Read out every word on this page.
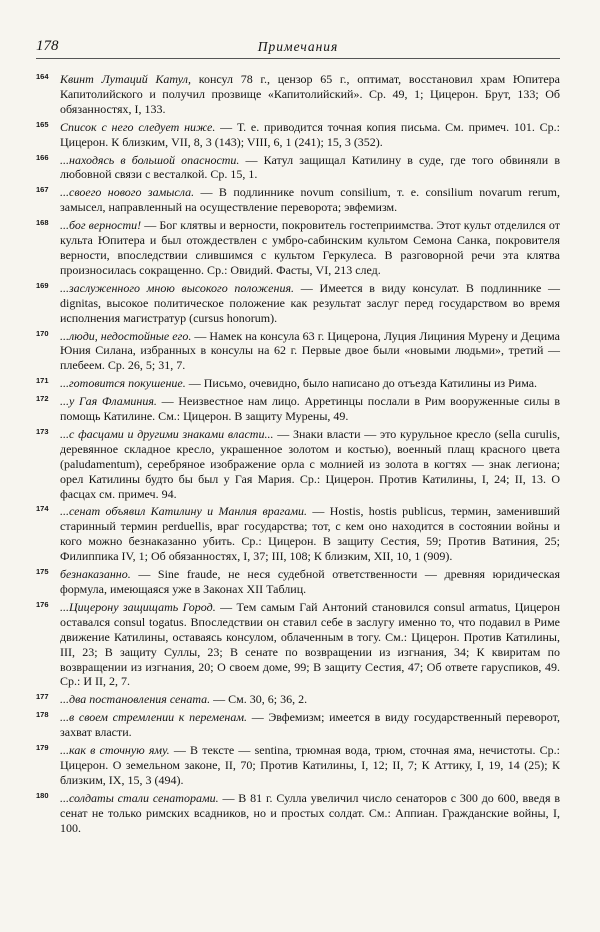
178	Примечания
164 Квинт Лутаций Катул, консул 78 г., цензор 65 г., оптимат, восстановил храм Юпитера Капитолийского и получил прозвище «Капитолийский». Ср. 49, 1; Цицерон. Брут, 133; Об обязанностях, I, 133.
165 Список с него следует ниже. — Т. е. приводится точная копия письма. См. примеч. 101. Ср.: Цицерон. К близким, VII, 8, 3 (143); VIII, 6, 1 (241); 15, 3 (352).
166 ...находясь в большой опасности. — Катул защищал Катилину в суде, где того обвиняли в любовной связи с весталкой. Ср. 15, 1.
167 ...своего нового замысла. — В подлиннике novum consilium, т. е. consilium novarum rerum, замысел, направленный на осуществление переворота; эвфемизм.
168 ...бог верности! — Бог клятвы и верности, покровитель гостеприимства. Этот культ отделился от культа Юпитера и был отождествлен с умбро-сабинским культом Семона Санка, покровителя верности, впоследствии слившимся с культом Геркулеса. В разговорной речи эта клятва произносилась сокращенно. Ср.: Овидий. Фасты, VI, 213 след.
169 ...заслуженного мною высокого положения. — Имеется в виду консулат. В подлиннике — dignitas, высокое политическое положение как результат заслуг перед государством во время исполнения магистратур (cursus honorum).
170 ...люди, недостойные его. — Намек на консула 63 г. Цицерона, Луция Лициния Мурену и Децима Юния Силана, избранных в консулы на 62 г. Первые двое были «новыми людьми», третий — плебеем. Ср. 26, 5; 31, 7.
171 ...готовится покушение. — Письмо, очевидно, было написано до отъезда Катилины из Рима.
172 ...у Гая Фламиния. — Неизвестное нам лицо. Арретинцы послали в Рим вооруженные силы в помощь Катилине. См.: Цицерон. В защиту Мурены, 49.
173 ...с фасцами и другими знаками власти... — Знаки власти — это курульное кресло (sella curulis, деревянное складное кресло, украшенное золотом и костью), военный плащ красного цвета (paludamentum), серебряное изображение орла с молнией из золота в когтях — знак легиона; орел Катилины будто бы был у Гая Мария. Ср.: Цицерон. Против Катилины, I, 24; II, 13. О фасцах см. примеч. 94.
174 ...сенат объявил Катилину и Манлия врагами. — Hostis, hostis publicus, термин, заменивший старинный термин perduellis, враг государства; тот, с кем оно находится в состоянии войны и кого можно безнаказанно убить. Ср.: Цицерон. В защиту Сестия, 59; Против Ватиния, 25; Филиппика IV, 1; Об обязанностях, I, 37; III, 108; К близким, XII, 10, 1 (909).
175 безнаказанно. — Sine fraude, не неся судебной ответственности — древняя юридическая формула, имеющаяся уже в Законах XII Таблиц.
176 ...Цицерону защищать Город. — Тем самым Гай Антоний становился consul armatus, Цицерон оставался consul togatus. Впоследствии он ставил себе в заслугу именно то, что подавил в Риме движение Катилины, оставаясь консулом, облаченным в тогу. См.: Цицерон. Против Катилины, III, 23; В защиту Суллы, 23; В сенате по возвращении из изгнания, 34; К квиритам по возвращении из изгнания, 20; О своем доме, 99; В защиту Сестия, 47; Об ответе гаруспиков, 49. Ср.: И II, 2, 7.
177 ...два постановления сената. — См. 30, 6; 36, 2.
178 ...в своем стремлении к переменам. — Эвфемизм; имеется в виду государственный переворот, захват власти.
179 ...как в сточную яму. — В тексте — sentina, трюмная вода, трюм, сточная яма, нечистоты. Ср.: Цицерон. О земельном законе, II, 70; Против Катилины, I, 12; II, 7; К Аттику, I, 19, 14 (25); К близким, IX, 15, 3 (494).
180 ...солдаты стали сенаторами. — В 81 г. Сулла увеличил число сенаторов с 300 до 600, введя в сенат не только римских всадников, но и простых солдат. См.: Аппиан. Гражданские войны, I, 100.
